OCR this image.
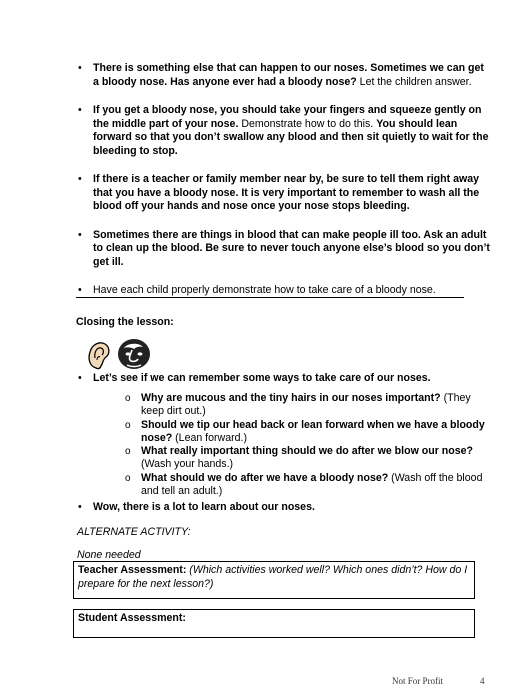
• There is something else that can happen to our noses. Sometimes we can get a bloody nose. Has anyone ever had a bloody nose? Let the children answer.
• If you get a bloody nose, you should take your fingers and squeeze gently on the middle part of your nose. Demonstrate how to do this. You should lean forward so that you don’t swallow any blood and then sit quietly to wait for the bleeding to stop.
• If there is a teacher or family member near by, be sure to tell them right away that you have a bloody nose. It is very important to remember to wash all the blood off your hands and nose once your nose stops bleeding.
• Sometimes there are things in blood that can make people ill too. Ask an adult to clean up the blood. Be sure to never touch anyone else’s blood so you don’t get ill.
• Have each child properly demonstrate how to take care of a bloody nose.
Closing the lesson:
• Let’s see if we can remember some ways to take care of our noses.
o Why are mucous and the tiny hairs in our noses important? (They keep dirt out.)
o Should we tip our head back or lean forward when we have a bloody nose? (Lean forward.)
o What really important thing should we do after we blow our nose? (Wash your hands.)
o What should we do after we have a bloody nose? (Wash off the blood and tell an adult.)
• Wow, there is a lot to learn about our noses.
ALTERNATE ACTIVITY:
None needed
Teacher Assessment: (Which activities worked well? Which ones didn’t? How do I prepare for the next lesson?)
Student Assessment:
Not For Profit	4
